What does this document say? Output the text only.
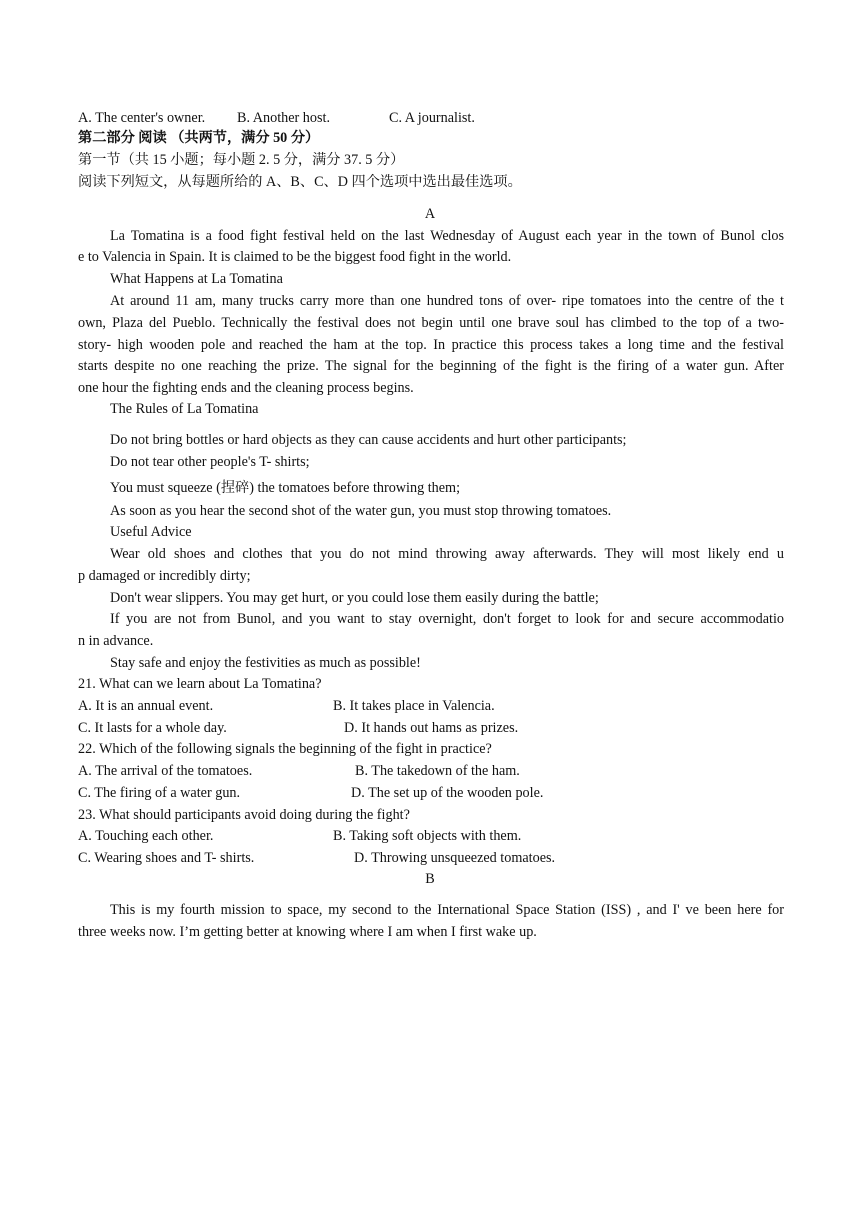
A. The center's owner. B. Another host.	C. A journalist.
第二部分 阅读 （共两节，满分 50 分）
第一节（共 15 小题；每小题 2. 5 分，满分 37. 5 分）
阅读下列短文，从每题所给的 A、B、C、D 四个选项中选出最佳选项。
A
La Tomatina is a food fight festival held on the last Wednesday of August each year in the town of Bunol clos
e to Valencia in Spain. It is claimed to be the biggest food fight in the world.
What Happens at La Tomatina
At around 11 am, many trucks carry more than one hundred tons of over- ripe tomatoes into the centre of the t
own, Plaza del Pueblo. Technically the festival does not begin until one brave soul has climbed to the top of a two-
story- high wooden pole and reached the ham at the top. In practice this process takes a long time and the festival
starts despite no one reaching the prize. The signal for the beginning of the fight is the firing of a water gun. After
one hour the fighting ends and the cleaning process begins.
The Rules of La Tomatina
Do not bring bottles or hard objects as they can cause accidents and hurt other participants;
Do not tear other people's T- shirts;
You must squeeze (捏碎) the tomatoes before throwing them;
As soon as you hear the second shot of the water gun, you must stop throwing tomatoes.
Useful Advice
Wear old shoes and clothes that you do not mind throwing away afterwards. They will most likely end u
p damaged or incredibly dirty;
Don't wear slippers. You may get hurt, or you could lose them easily during the battle;
If you are not from Bunol, and you want to stay overnight, don't forget to look for and secure accommodatio
n in advance.
Stay safe and enjoy the festivities as much as possible!
21. What can we learn about La Tomatina?
A. It is an annual event.	B. It takes place in Valencia.
C. It lasts for a whole day.	D. It hands out hams as prizes.
22. Which of the following signals the beginning of the fight in practice?
A. The arrival of the tomatoes.	B. The takedown of the ham.
C. The firing of a water gun.	D. The set up of the wooden pole.
23. What should participants avoid doing during the fight?
A. Touching each other.	B. Taking soft objects with them.
C. Wearing shoes and T- shirts.	D. Throwing unsqueezed tomatoes.
B
This is my fourth mission to space, my second to the International Space Station (ISS) , and I' ve been here for
three weeks now. I’m getting better at knowing where I am when I first wake up.
